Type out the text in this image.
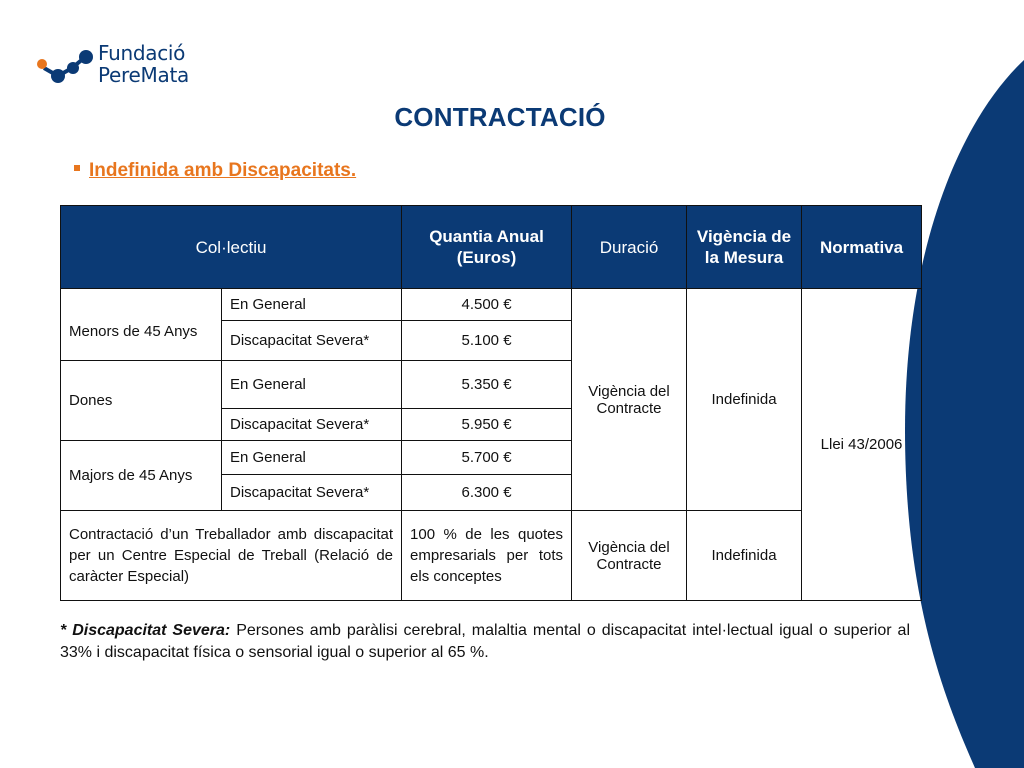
Fundació
PereMata
CONTRACTACIÓ
Indefinida amb Discapacitats.
Col·lectiu		Quantia Anual (Euros)	Duració	Vigència de la Mesura	Normativa
Menors de 45 Anys	En General	4.500 €	Vigència del Contracte	Indefinida	Llei 43/2006
	Discapacitat Severa*	5.100 €			
Dones	En General	5.350 €			
	Discapacitat Severa*	5.950 €			
Majors de 45 Anys	En General	5.700 €			
	Discapacitat Severa*	6.300 €			
Contractació d’un Treballador amb discapacitat per un Centre Especial de Treball (Relació de caràcter Especial)		100 % de les quotes empresarials per tots els conceptes	Vigència del Contracte	Indefinida	
* Discapacitat Severa: Persones amb paràlisi cerebral, malaltia mental o discapacitat intel·lectual igual o superior al 33% i discapacitat física o sensorial igual o superior al 65 %.
